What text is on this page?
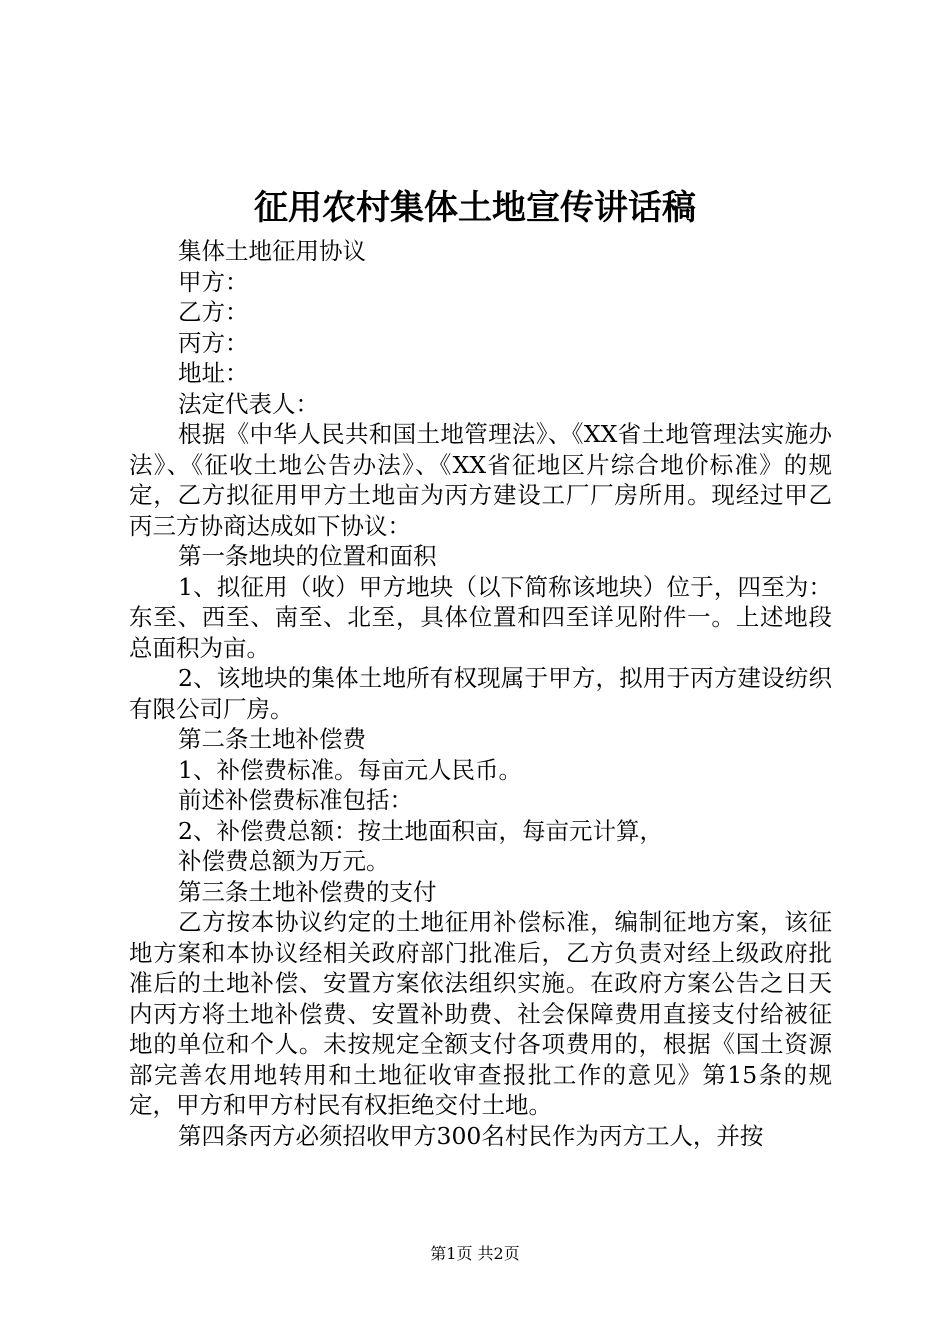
征用农村集体土地宣传讲话稿

集体土地征用协议

甲方：

乙方：

丙方：

地址：

法定代表人：

根据《中华人民共和国土地管理法》、《XX省土地管理法实施办法》、《征收土地公告办法》、《XX省征地区片综合地价标准》的规定，乙方拟征用甲方土地亩为丙方建设工厂厂房所用。现经过甲乙丙三方协商达成如下协议：

第一条地块的位置和面积

1、拟征用（收）甲方地块（以下简称该地块）位于，四至为：东至、西至、南至、北至，具体位置和四至详见附件一。上述地段总面积为亩。

2、该地块的集体土地所有权现属于甲方，拟用于丙方建设纺织有限公司厂房。

第二条土地补偿费

1、补偿费标准。每亩元人民币。

前述补偿费标准包括：

2、补偿费总额：按土地面积亩，每亩元计算，

补偿费总额为万元。

第三条土地补偿费的支付

乙方按本协议约定的土地征用补偿标准，编制征地方案，该征地方案和本协议经相关政府部门批准后，乙方负责对经上级政府批准后的土地补偿、安置方案依法组织实施。在政府方案公告之日天内丙方将土地补偿费、安置补助费、社会保障费用直接支付给被征地的单位和个人。未按规定全额支付各项费用的，根据《国土资源部完善农用地转用和土地征收审查报批工作的意见》第15条的规定，甲方和甲方村民有权拒绝交付土地。

第四条丙方必须招收甲方300名村民作为丙方工人，并按

第1页 共2页
